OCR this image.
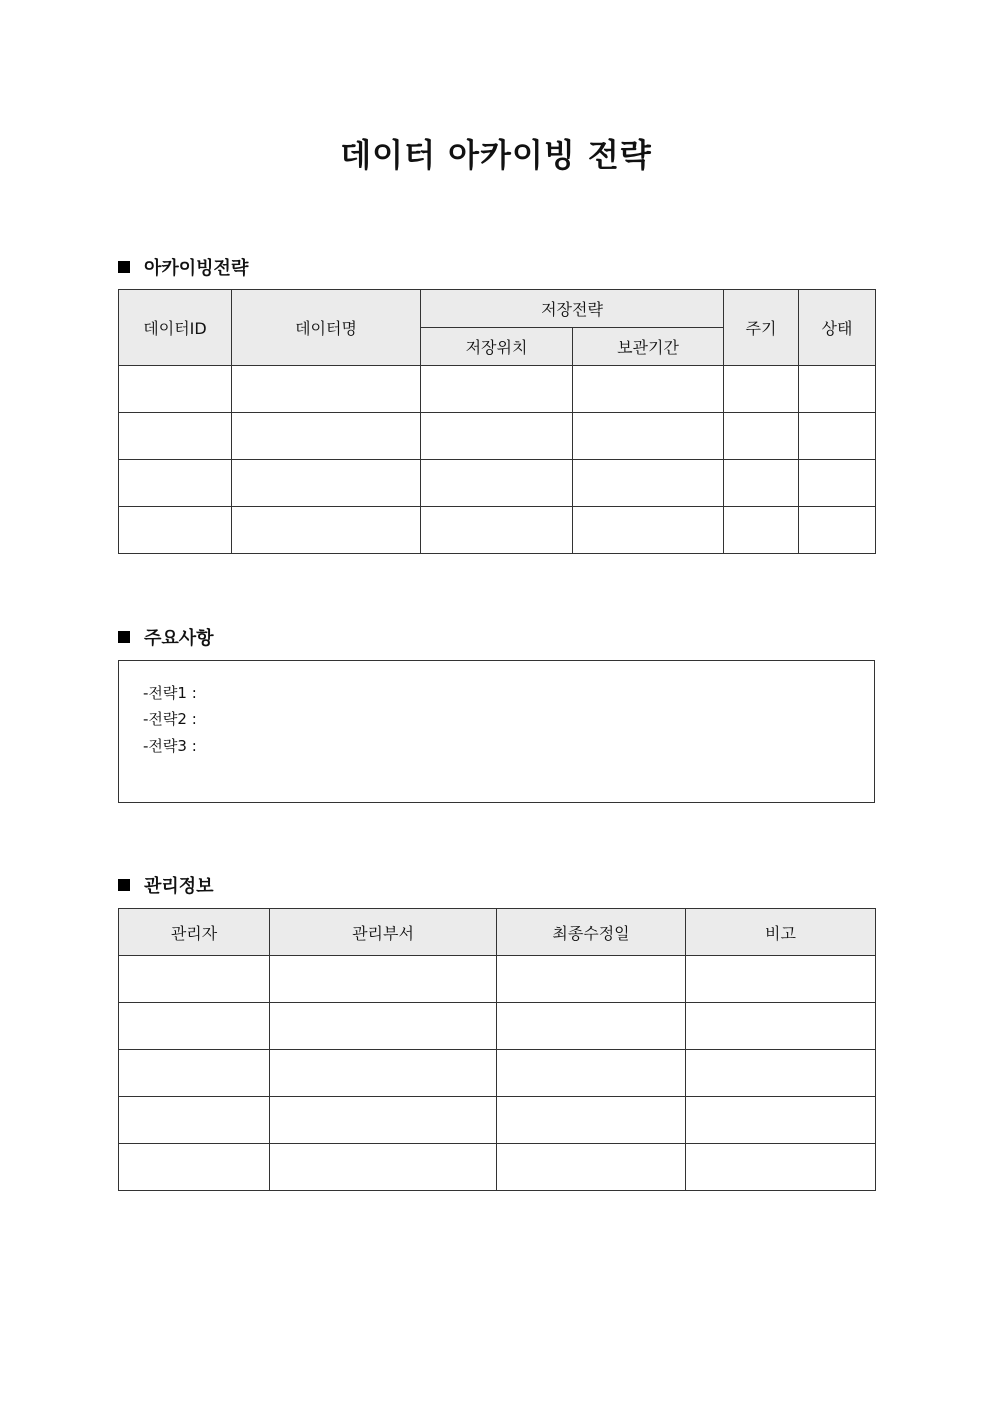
데이터 아카이빙 전략
아카이빙전략
데이터ID	데이터명	저장전략		주기	상태
		저장위치	보관기간		

주요사항
-전략1 :
-전략2 :
-전략3 :
관리정보
관리자	관리부서	최종수정일	비고
